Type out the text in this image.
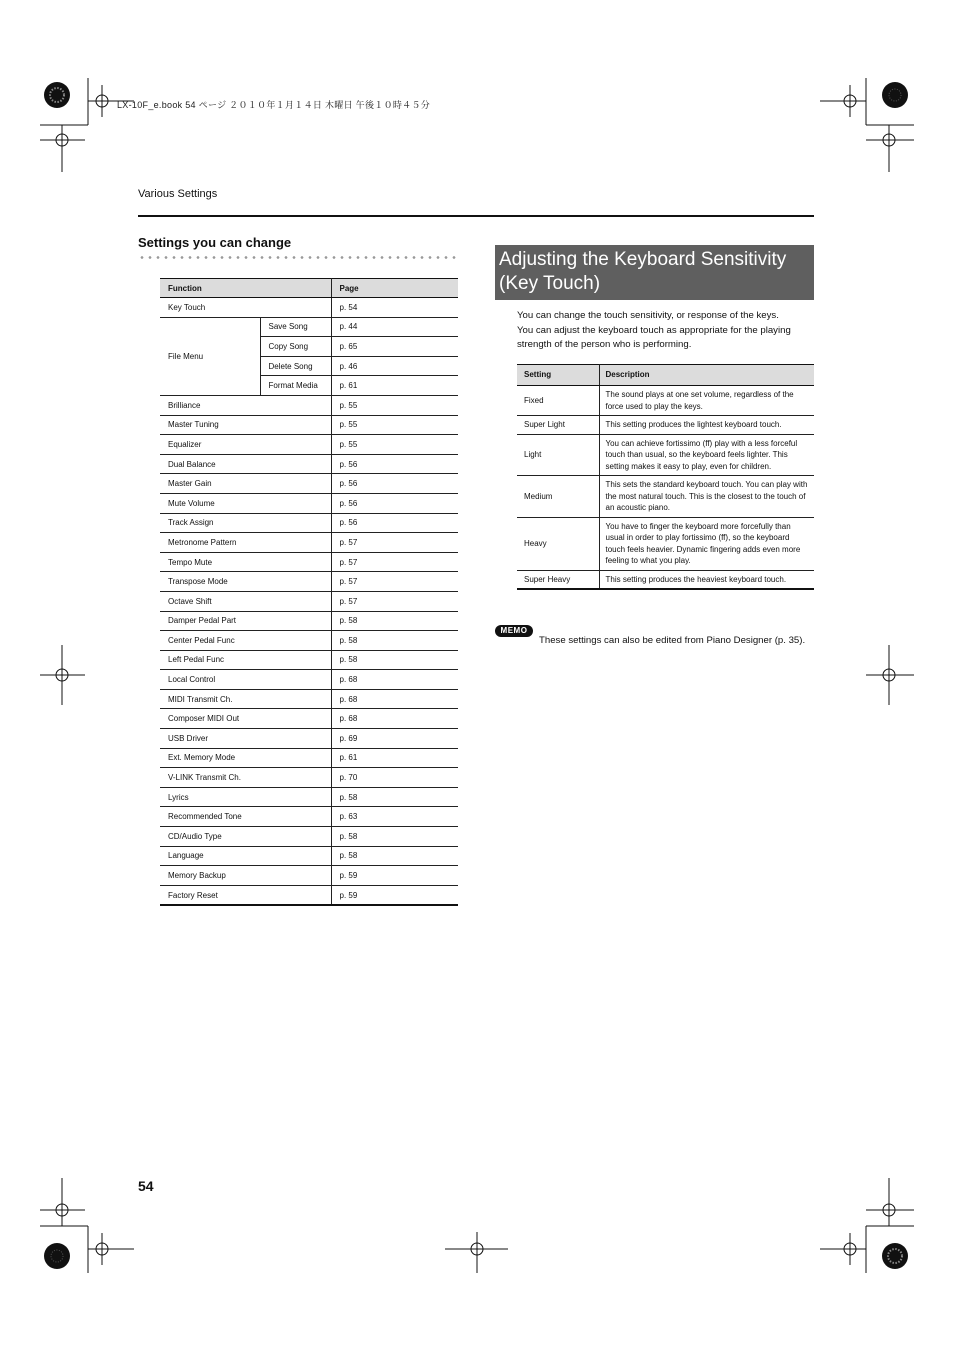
LX-10F_e.book 54 ページ ２０１０年１月１４日 木曜日 午後１０時４５分
Various Settings
Settings you can change
Function		Page
Key Touch		p. 54
File Menu	Save Song	p. 44
	Copy Song	p. 65
	Delete Song	p. 46
	Format Media	p. 61
Brilliance		p. 55
Master Tuning		p. 55
Equalizer		p. 55
Dual Balance		p. 56
Master Gain		p. 56
Mute Volume		p. 56
Track Assign		p. 56
Metronome Pattern		p. 57
Tempo Mute		p. 57
Transpose Mode		p. 57
Octave Shift		p. 57
Damper Pedal Part		p. 58
Center Pedal Func		p. 58
Left Pedal Func		p. 58
Local Control		p. 68
MIDI Transmit Ch.		p. 68
Composer MIDI Out		p. 68
USB Driver		p. 69
Ext. Memory Mode		p. 61
V-LINK Transmit Ch.		p. 70
Lyrics		p. 58
Recommended Tone		p. 63
CD/Audio Type		p. 58
Language		p. 58
Memory Backup		p. 59
Factory Reset		p. 59
Adjusting the Keyboard Sensitivity (Key Touch)
You can change the touch sensitivity, or response of the keys.
You can adjust the keyboard touch as appropriate for the playing
strength of the person who is performing.
Setting	Description
Fixed	The sound plays at one set volume, regardless of the force used to play the keys.
Super Light	This setting produces the lightest keyboard touch.
Light	You can achieve fortissimo (ff) play with a less forceful touch than usual, so the keyboard feels lighter. This setting makes it easy to play, even for children.
Medium	This sets the standard keyboard touch. You can play with the most natural touch. This is the closest to the touch of an acoustic piano.
Heavy	You have to finger the keyboard more forcefully than usual in order to play fortissimo (ff), so the keyboard touch feels heavier. Dynamic fingering adds even more feeling to what you play.
Super Heavy	This setting produces the heaviest keyboard touch.
MEMO
These settings can also be edited from Piano Designer (p. 35).
54
